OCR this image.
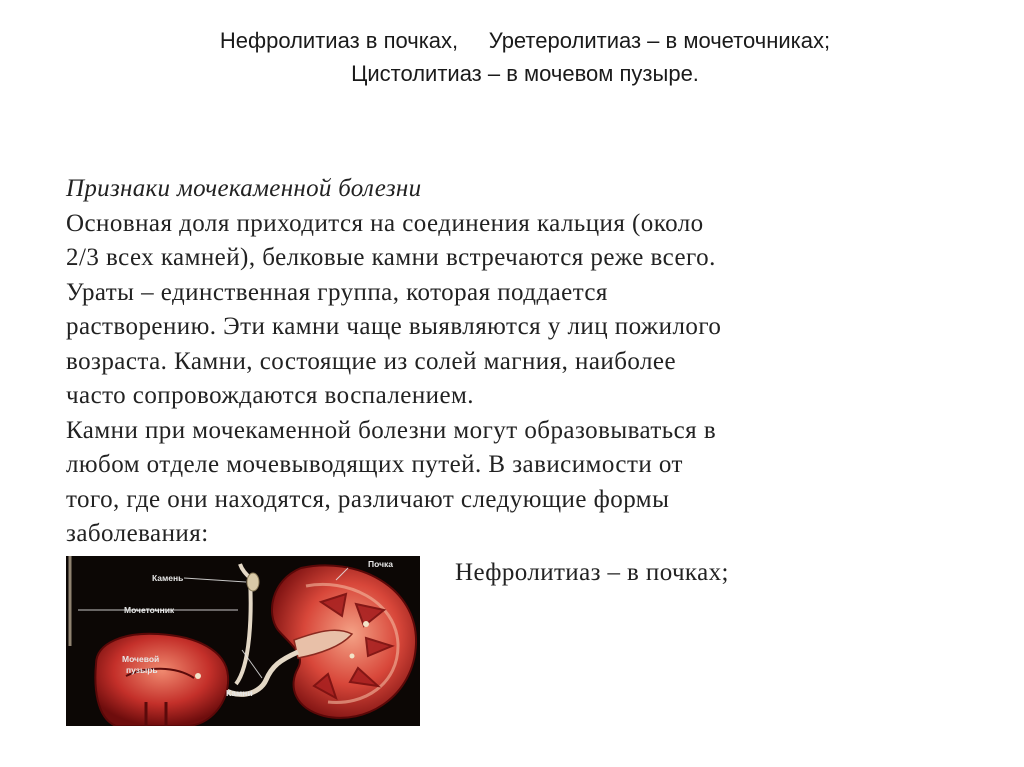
Нефролитиаз в почках,     Уретеролитиаз – в мочеточниках;
Цистолитиаз – в мочевом пузыре.
Признаки мочекаменной болезни
Основная доля приходится на соединения кальция (около
2/3 всех камней), белковые камни встречаются реже всего.
Ураты – единственная группа, которая поддается
растворению. Эти камни чаще выявляются у лиц пожилого
возраста. Камни, состоящие из солей магния, наиболее
часто сопровождаются воспалением.
Камни при мочекаменной болезни могут образовываться в
любом отделе мочевыводящих путей. В зависимости от
того, где они находятся, различают следующие формы
заболевания:
Нефролитиаз – в почках;
Почка
Камень
Мочеточник
Мочевой
пузырь
Камни
